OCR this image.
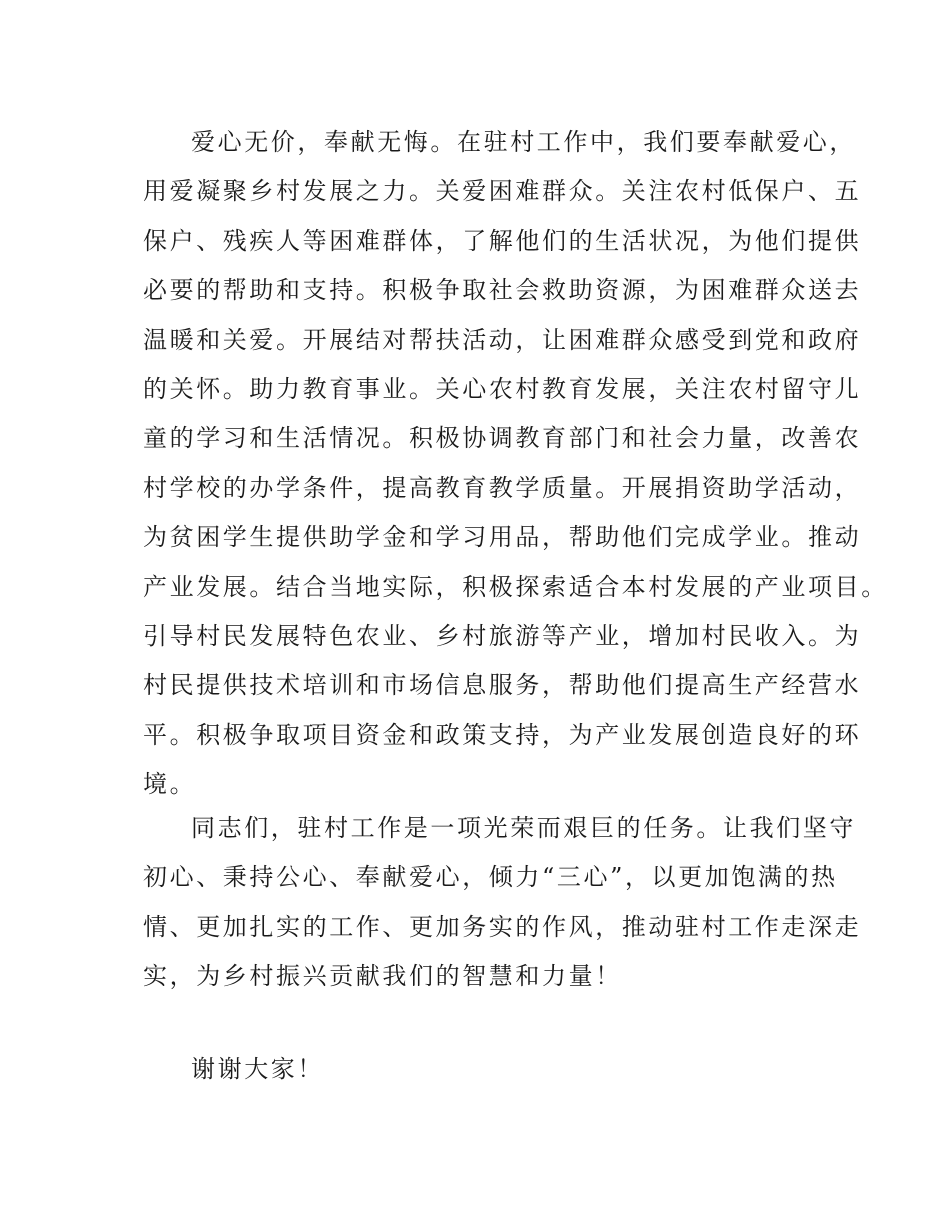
爱心无价，奉献无悔。在驻村工作中，我们要奉献爱心，
用爱凝聚乡村发展之力。关爱困难群众。关注农村低保户、五
保户、残疾人等困难群体，了解他们的生活状况，为他们提供
必要的帮助和支持。积极争取社会救助资源，为困难群众送去
温暖和关爱。开展结对帮扶活动，让困难群众感受到党和政府
的关怀。助力教育事业。关心农村教育发展，关注农村留守儿
童的学习和生活情况。积极协调教育部门和社会力量，改善农
村学校的办学条件，提高教育教学质量。开展捐资助学活动，
为贫困学生提供助学金和学习用品，帮助他们完成学业。推动
产业发展。结合当地实际，积极探索适合本村发展的产业项目。
引导村民发展特色农业、乡村旅游等产业，增加村民收入。为
村民提供技术培训和市场信息服务，帮助他们提高生产经营水
平。积极争取项目资金和政策支持，为产业发展创造良好的环
境。
同志们，驻村工作是一项光荣而艰巨的任务。让我们坚守
初心、秉持公心、奉献爱心，倾力“三心”，以更加饱满的热
情、更加扎实的工作、更加务实的作风，推动驻村工作走深走
实，为乡村振兴贡献我们的智慧和力量！
谢谢大家！
